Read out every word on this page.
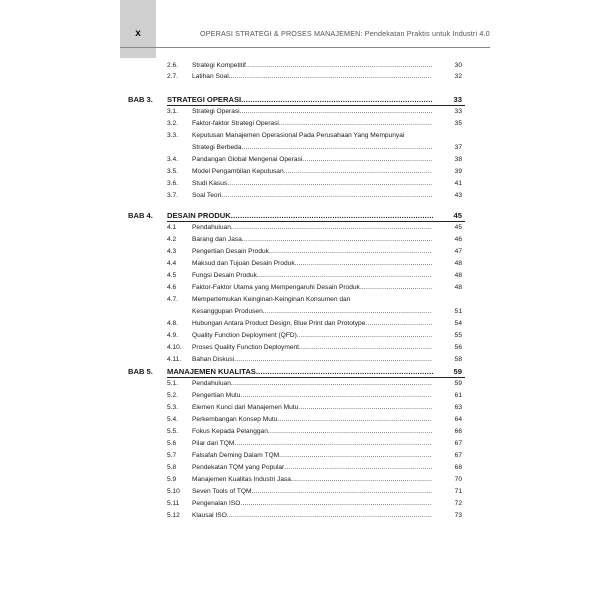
x	OPERASI STRATEGI & PROSES MANAJEMEN: Pendekatan Praktis untuk Industri 4.0
2.6. Strategi Kompetitif .....	30
2.7. Latihan Soal .....	32
BAB 3. STRATEGI OPERASI .....	33
3.1. Strategi Operasi .....	33
3.2. Faktor-faktor Strategi Operasi .....	35
3.3. Keputusan Manajemen Operasional Pada Perusahaan Yang Mempunyai
Strategi Berbeda .....	37
3.4. Pandangan Global Mengenai Operasi .....	38
3.5. Model Pengambilan Keputusan .....	39
3.6. Studi Kasus .....	41
3.7. Soal Teori .....	43
BAB 4. DESAIN PRODUK .....	45
4.1 Pendahuluan .....	45
4.2 Barang dan Jasa .....	46
4.3 Pengertian Desain Produk .....	47
4.4 Maksud dan Tujuan Desain Produk .....	48
4.5 Fungsi Desain Produk .....	48
4.6 Faktor-Faktor Utama yang Mempengaruhi Desain Produk .....	48
4.7. Mempertemukan Keinginan-Keinginan Konsumen dan
Kesanggupan Produsen .....	51
4.8. Hubungan Antara Product Design, Blue Print dan Prototype .....	54
4.9. Quality Function Deployment (QFD) .....	55
4.10. Proses Quality Function Deployment .....	56
4.11. Bahan Diskusi .....	58
BAB 5. MANAJEMEN KUALITAS .....	59
5.1. Pendahuluan .....	59
5.2. Pengertian Mutu .....	61
5.3. Elemen Kunci dari Manajemen Mutu .....	63
5.4. Perkembangan Konsep Mutu .....	64
5.5. Fokus Kepada Pelanggan .....	66
5.6 Pilar dari TQM .....	67
5.7 Falsafah Deming Dalam TQM .....	67
5.8 Pendekatan TQM yang Popular .....	68
5.9 Manajemen Kualitas Industri Jasa .....	70
5.10 Seven Tools of TQM .....	71
5.11 Pengenalan ISO .....	72
5.12 Klausal ISO .....	73
